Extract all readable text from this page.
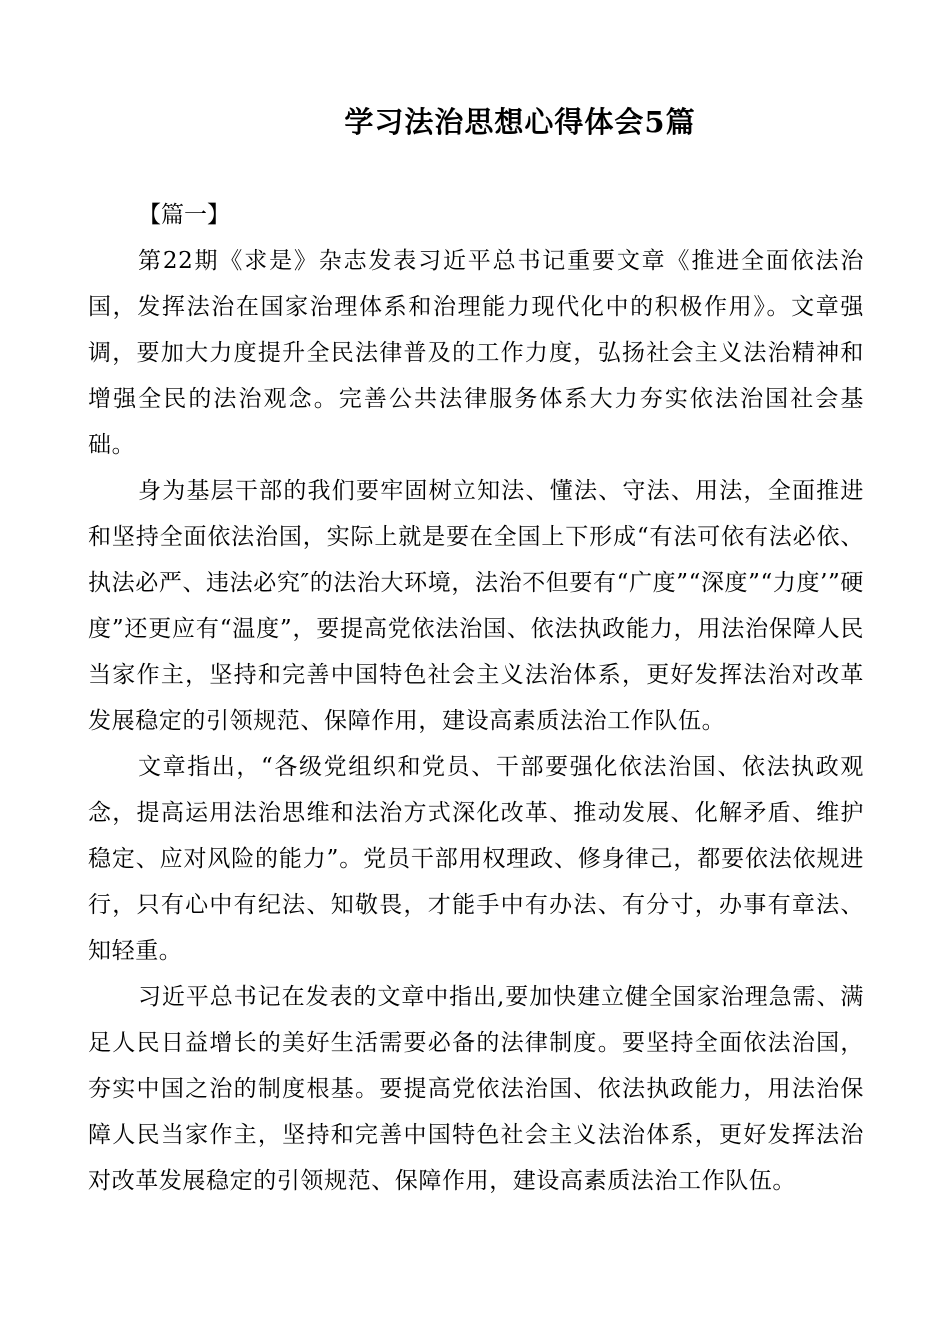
学习法治思想心得体会5篇

【篇一】

第22期《求是》杂志发表习近平总书记重要文章《推进全面依法治国，发挥法治在国家治理体系和治理能力现代化中的积极作用》。文章强调，要加大力度提升全民法律普及的工作力度，弘扬社会主义法治精神和增强全民的法治观念。完善公共法律服务体系大力夯实依法治国社会基础。

身为基层干部的我们要牢固树立知法、懂法、守法、用法，全面推进和坚持全面依法治国，实际上就是要在全国上下形成“有法可依有法必依、执法必严、违法必究″的法治大环境，法治不但要有“广度”“深度”“力度’”硬度”还更应有“温度”，要提高党依法治国、依法执政能力，用法治保障人民当家作主，坚持和完善中国特色社会主义法治体系，更好发挥法治对改革发展稳定的引领规范、保障作用，建设高素质法治工作队伍。

文章指出，“各级党组织和党员、干部要强化依法治国、依法执政观念，提高运用法治思维和法治方式深化改革、推动发展、化解矛盾、维护稳定、应对风险的能力”。党员干部用权理政、修身律己，都要依法依规进行，只有心中有纪法、知敬畏，才能手中有办法、有分寸，办事有章法、知轻重。

习近平总书记在发表的文章中指出,要加快建立健全国家治理急需、满足人民日益增长的美好生活需要必备的法律制度。要坚持全面依法治国，夯实中国之治的制度根基。要提高党依法治国、依法执政能力，用法治保障人民当家作主，坚持和完善中国特色社会主义法治体系，更好发挥法治对改革发展稳定的引领规范、保障作用，建设高素质法治工作队伍。
